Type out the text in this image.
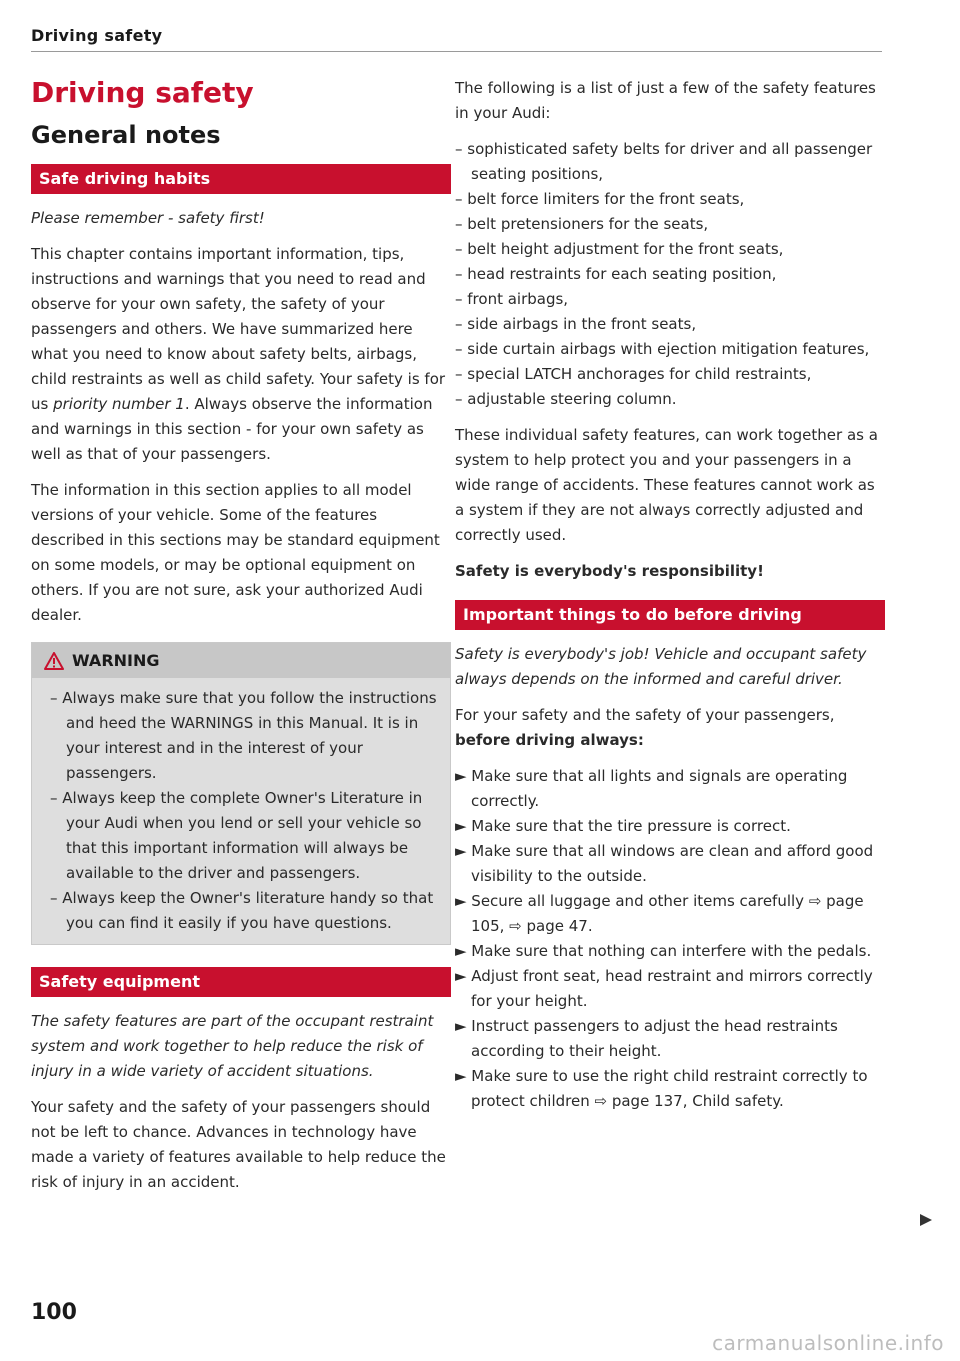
Driving safety
Driving safety
General notes
Safe driving habits

Please remember - safety first!

This chapter contains important information, tips, instructions and warnings that you need to read and observe for your own safety, the safety of your passengers and others. We have summarized here what you need to know about safety belts, airbags, child restraints as well as child safety. Your safety is for us priority number 1. Always observe the information and warnings in this section - for your own safety as well as that of your passengers.

The information in this section applies to all model versions of your vehicle. Some of the features described in this sections may be standard equipment on some models, or may be optional equipment on others. If you are not sure, ask your authorized Audi dealer.

WARNING
– Always make sure that you follow the instructions and heed the WARNINGS in this Manual. It is in your interest and in the interest of your passengers.
– Always keep the complete Owner's Literature in your Audi when you lend or sell your vehicle so that this important information will always be available to the driver and passengers.
– Always keep the Owner's literature handy so that you can find it easily if you have questions.
Safety equipment

The safety features are part of the occupant restraint system and work together to help reduce the risk of injury in a wide variety of accident situations.

Your safety and the safety of your passengers should not be left to chance. Advances in technology have made a variety of features available to help reduce the risk of injury in an accident.

The following is a list of just a few of the safety features in your Audi:

– sophisticated safety belts for driver and all passenger seating positions,
– belt force limiters for the front seats,
– belt pretensioners for the seats,
– belt height adjustment for the front seats,
– head restraints for each seating position,
– front airbags,
– side airbags in the front seats,
– side curtain airbags with ejection mitigation features,
– special LATCH anchorages for child restraints,
– adjustable steering column.

These individual safety features, can work together as a system to help protect you and your passengers in a wide range of accidents. These features cannot work as a system if they are not always correctly adjusted and correctly used.

Safety is everybody's responsibility!

Important things to do before driving

Safety is everybody's job! Vehicle and occupant safety always depends on the informed and careful driver.

For your safety and the safety of your passengers, before driving always:

► Make sure that all lights and signals are operating correctly.
► Make sure that the tire pressure is correct.
► Make sure that all windows are clean and afford good visibility to the outside.
► Secure all luggage and other items carefully ⇨ page 105, ⇨ page 47.
► Make sure that nothing can interfere with the pedals.
► Adjust front seat, head restraint and mirrors correctly for your height.
► Instruct passengers to adjust the head restraints according to their height.
► Make sure to use the right child restraint correctly to protect children ⇨ page 137, Child safety.
100
carmanualsonline.info
